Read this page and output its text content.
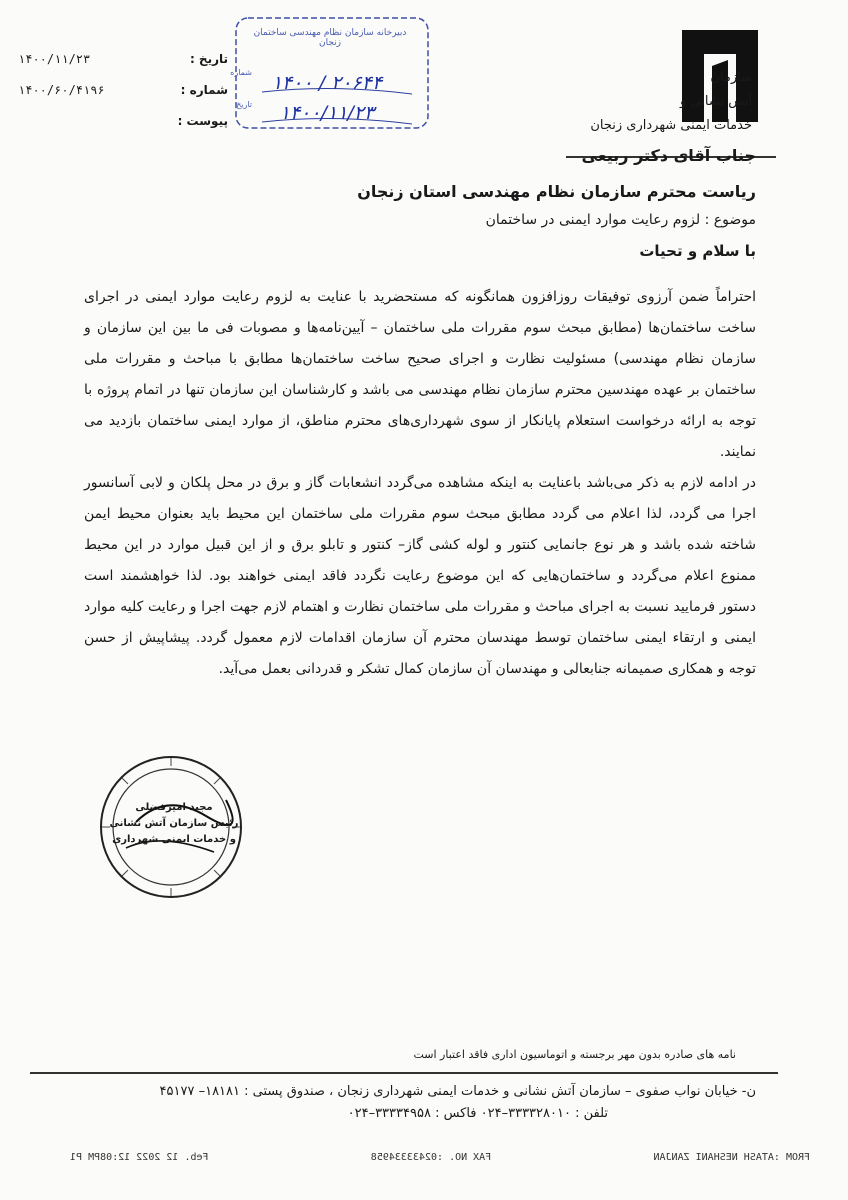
سازمان
آتش نشانی و
خدمات ایمنی شهرداری زنجان
تاریخ :
۱۴۰۰/۱۱/۲۳
شماره :
۱۴۰۰/۶۰/۴۱۹۶
پیوست :
دبیرخانه سازمان نظام مهندسی ساختمان زنجان
شماره	۱۴۰۰ / ۲۰۶۴۴
تاریخ	۱۴۰۰/۱۱/۲۳
جناب آقای دکتر ربیعی
ریاست محترم سازمان نظام مهندسی استان زنجان
موضوع : لزوم رعایت موارد ایمنی در ساختمان
با سلام و تحیات

احتراماً ضمن آرزوی توفیقات روزافزون همانگونه که مستحضرید با عنایت به لزوم رعایت موارد ایمنی در اجرای ساخت ساختمان‌ها (مطابق مبحث سوم مقررات ملی ساختمان – آیین‌نامه‌ها و مصوبات فی ما بین این سازمان و سازمان نظام مهندسی) مسئولیت نظارت و اجرای صحیح ساخت ساختمان‌ها مطابق با مباحث و مقررات ملی ساختمان بر عهده مهندسین محترم سازمان نظام مهندسی می باشد و کارشناسان این سازمان تنها در اتمام پروژه با توجه به ارائه درخواست استعلام پایانکار از سوی شهرداری‌های محترم مناطق، از موارد ایمنی ساختمان بازدید می نمایند.

در ادامه لازم به ذکر می‌باشد باعنایت به اینکه مشاهده می‌گردد انشعابات گاز و برق در محل پلکان و لابی آسانسور اجرا می گردد، لذا اعلام می گردد مطابق مبحث سوم مقررات ملی ساختمان این محیط باید بعنوان محیط ایمن شاخته شده باشد و هر نوع جانمایی کنتور و لوله کشی گاز– کنتور و تابلو برق و از این قبیل موارد در این محیط ممنوع اعلام می‌گردد و ساختمان‌هایی که این موضوع رعایت نگردد فاقد ایمنی خواهند بود. لذا خواهشمند است دستور فرمایید نسبت به اجرای مباحث و مقررات ملی ساختمان نظارت و اهتمام لازم جهت اجرا و رعایت کلیه موارد ایمنی و ارتقاء ایمنی ساختمان توسط مهندسان محترم آن سازمان اقدامات لازم معمول گردد. پیشاپیش از حسن توجه و همکاری صمیمانه جنابعالی و مهندسان آن سازمان کمال تشکر و قدردانی بعمل می‌آید.

مجید امیرفضلی
رئیس سازمان آتش نشانی
و خدمات ایمنی شهرداری
نامه های صادره بدون مهر برجسته و اتوماسیون اداری فاقد اعتبار است
ن- خیابان نواب صفوی – سازمان آتش نشانی و خدمات ایمنی شهرداری زنجان ، صندوق پستی : ۱۸۱۸۱– ۴۵۱۷۷
تلفن : ۳۳۳۳۲۸۰۱۰–۰۲۴ فاکس : ۳۳۳۳۴۹۵۸–۰۲۴
FROM :ATASH NESHANI ZANJAN
FAX NO. :02433334958
Feb. 12 2022 12:08PM P1
